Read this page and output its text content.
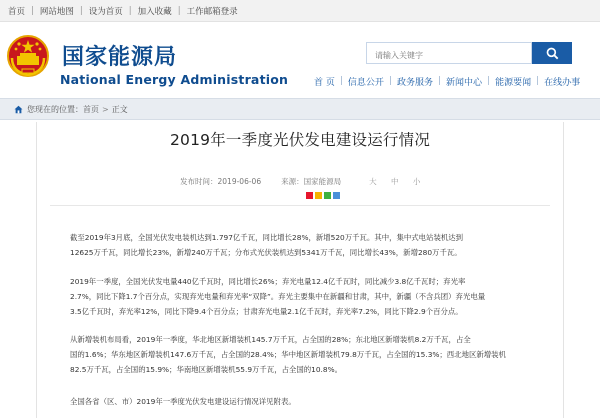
首页 | 网站地图 | 设为首页 | 加入收藏 | 工作邮箱登录
国家能源局
National Energy Administration
请输入关键字	首 页 | 信息公开 | 政务服务 | 新闻中心 | 能源要闻 | 在线办事
您现在的位置： 首页 > 正文
2019年一季度光伏发电建设运行情况
发布时间：2019-06-06	来源：国家能源局	大 中 小
截至2019年3月底，全国光伏发电装机达到1.797亿千瓦，同比增长28%，新增520万千瓦。其中，集中式电站装机达到
12625万千瓦，同比增长23%，新增240万千瓦；分布式光伏装机达到5341万千瓦，同比增长43%，新增280万千瓦。
2019年一季度，全国光伏发电量440亿千瓦时，同比增长26%；弃光电量12.4亿千瓦时，同比减少3.8亿千瓦时；弃光率
2.7%，同比下降1.7个百分点，实现弃光电量和弃光率“双降”。弃光主要集中在新疆和甘肃，其中，新疆（不含兵团）弃光电量
3.5亿千瓦时，弃光率12%，同比下降9.4个百分点；甘肃弃光电量2.1亿千瓦时，弃光率7.2%，同比下降2.9个百分点。
从新增装机布局看，2019年一季度，华北地区新增装机145.7万千瓦，占全国的28%；东北地区新增装机8.2万千瓦，占全
国的1.6%；华东地区新增装机147.6万千瓦，占全国的28.4%；华中地区新增装机79.8万千瓦，占全国的15.3%；西北地区新增装机
82.5万千瓦，占全国的15.9%；华南地区新增装机55.9万千瓦，占全国的10.8%。
全国各省（区、市）2019年一季度光伏发电建设运行情况详见附表。
